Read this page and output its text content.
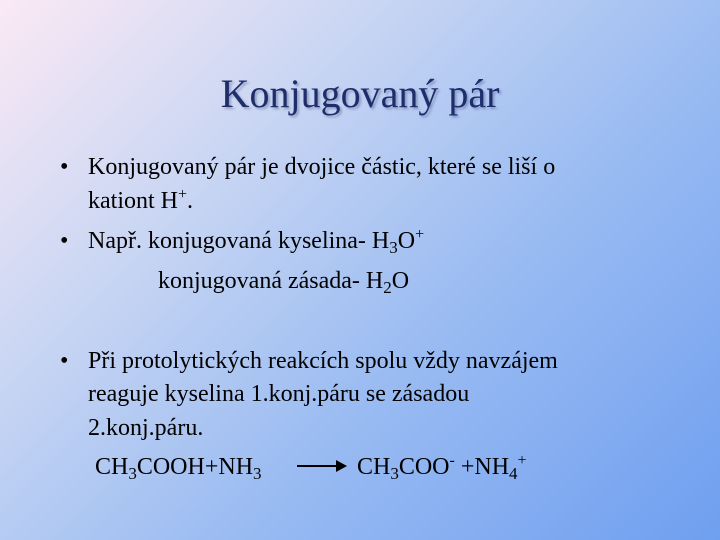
Konjugovaný pár
• Konjugovaný pár je dvojice částic, které se liší o
kationt H+.
• Např. konjugovaná kyselina- $H_3O^+$
konjugovaná zásada- $H_2O$
• Při protolytických reakcích spolu vždy navzájem
reaguje kyselina 1.konj.páru se zásadou
2.konj.páru.
$CH_3COOH+NH_3 \to CH_3COO^- +NH_4^+$
